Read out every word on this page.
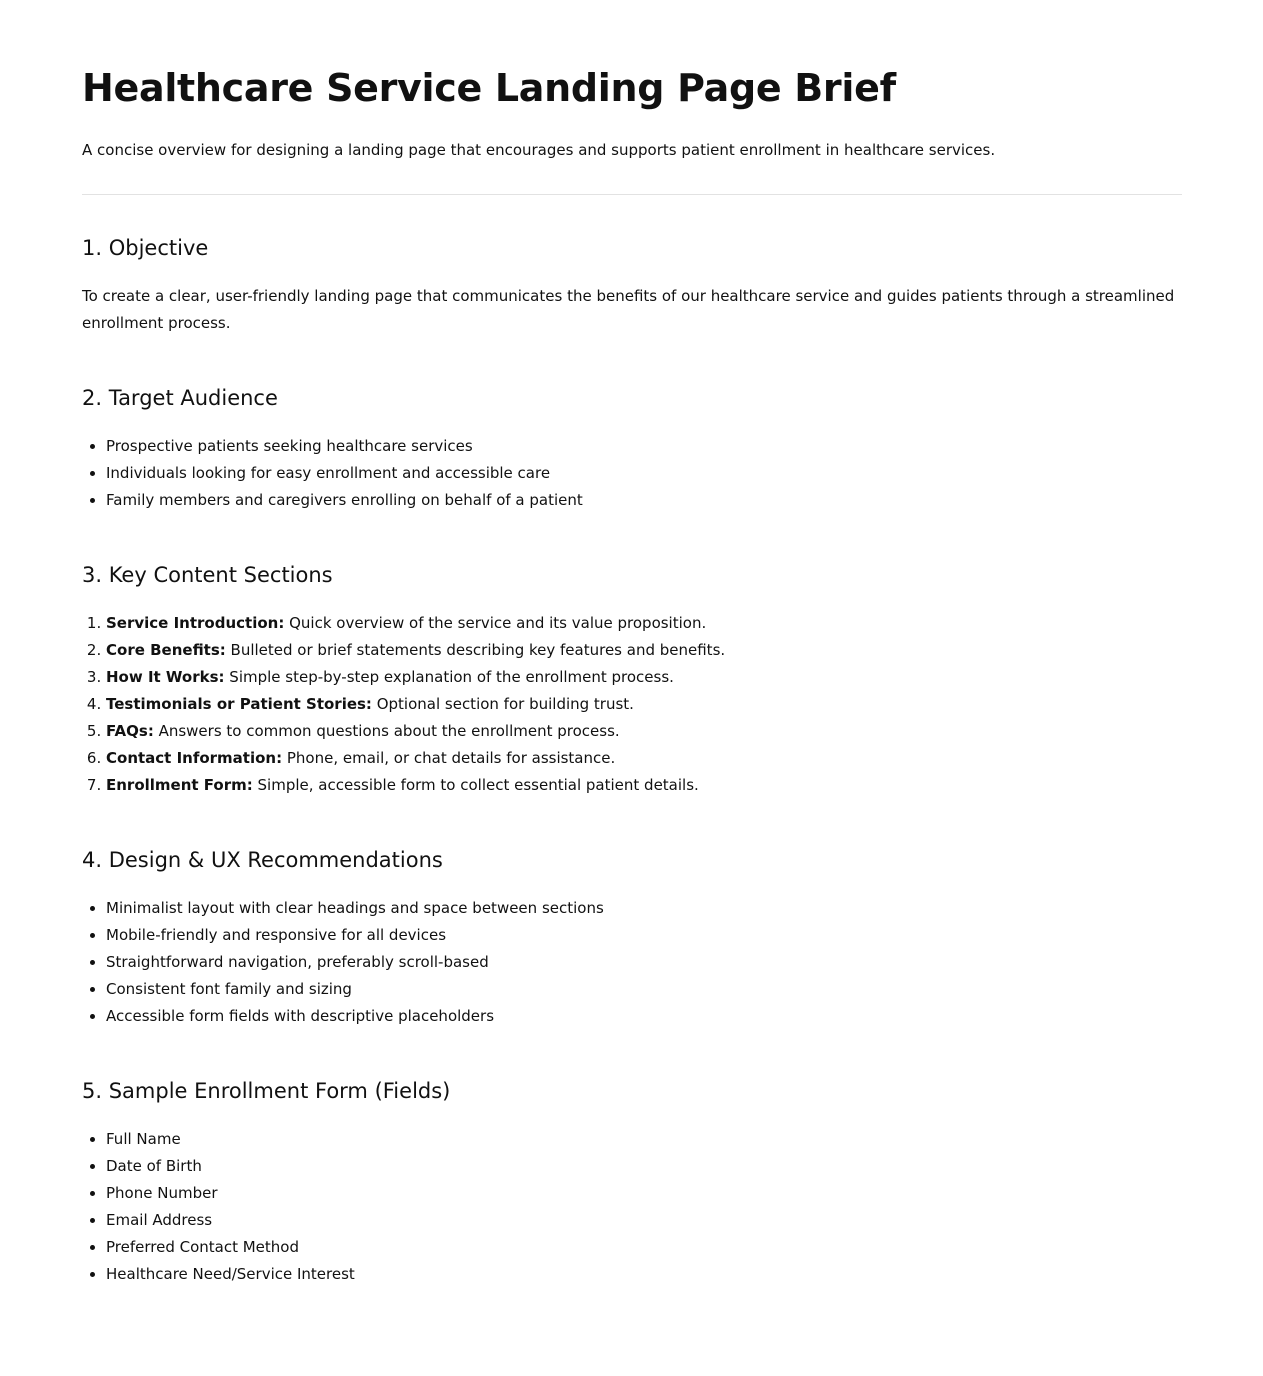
Healthcare Service Landing Page Brief

A concise overview for designing a landing page that encourages and supports patient enrollment in healthcare services.

1. Objective

To create a clear, user-friendly landing page that communicates the benefits of our healthcare service and guides patients through a streamlined enrollment process.

2. Target Audience
• Prospective patients seeking healthcare services
• Individuals looking for easy enrollment and accessible care
• Family members and caregivers enrolling on behalf of a patient
3. Key Content Sections
1. Service Introduction: Quick overview of the service and its value proposition.
2. Core Benefits: Bulleted or brief statements describing key features and benefits.
3. How It Works: Simple step-by-step explanation of the enrollment process.
4. Testimonials or Patient Stories: Optional section for building trust.
5. FAQs: Answers to common questions about the enrollment process.
6. Contact Information: Phone, email, or chat details for assistance.
7. Enrollment Form: Simple, accessible form to collect essential patient details.
4. Design & UX Recommendations
• Minimalist layout with clear headings and space between sections
• Mobile-friendly and responsive for all devices
• Straightforward navigation, preferably scroll-based
• Consistent font family and sizing
• Accessible form fields with descriptive placeholders
5. Sample Enrollment Form (Fields)
• Full Name
• Date of Birth
• Phone Number
• Email Address
• Preferred Contact Method
• Healthcare Need/Service Interest
